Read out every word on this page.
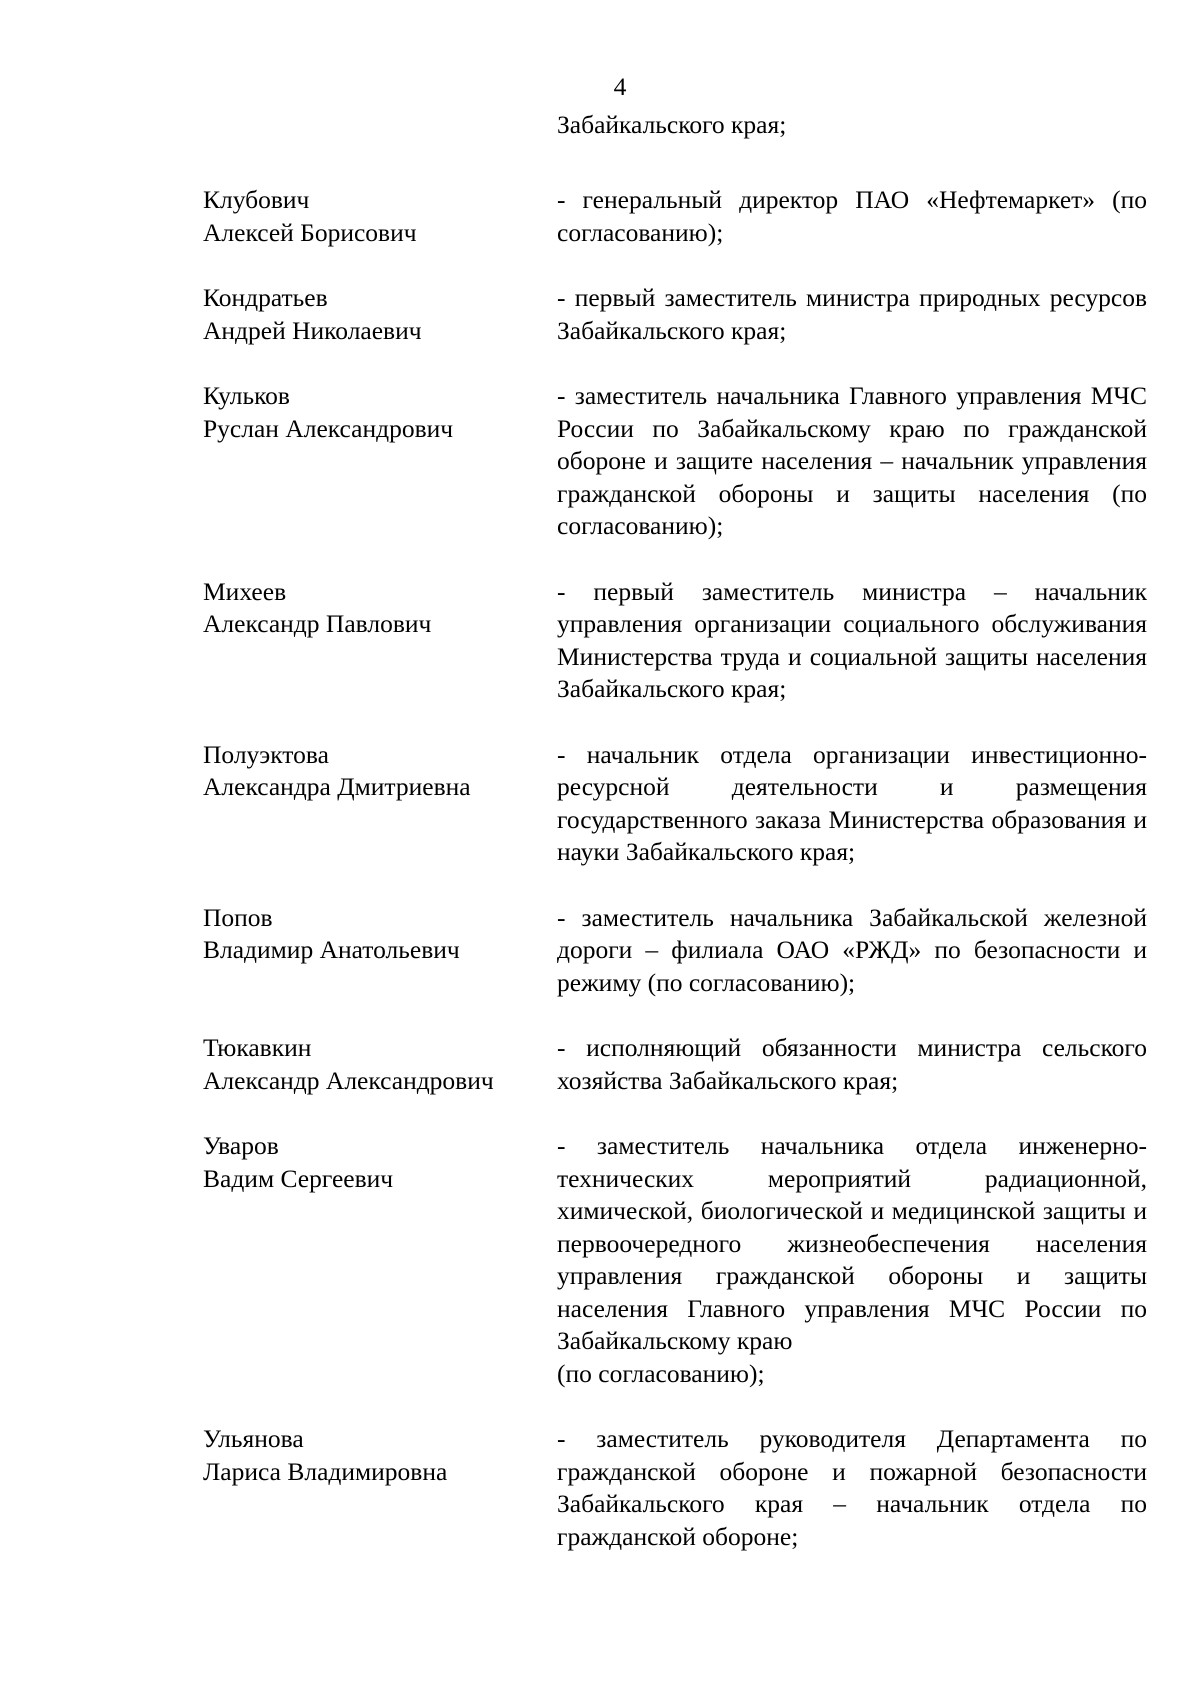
4
Забайкальского края;
Клубович
Алексей Борисович
- генеральный директор ПАО «Нефтемаркет» (по согласованию);
Кондратьев
Андрей Николаевич
- первый заместитель министра природных ресурсов Забайкальского края;
Кульков
Руслан Александрович
- заместитель начальника Главного управления МЧС России по Забайкальскому краю по гражданской обороне и защите населения – начальник управления гражданской обороны и защиты населения (по согласованию);
Михеев
Александр Павлович
- первый заместитель министра – начальник управления организации социального обслуживания Министерства труда и социальной защиты населения Забайкальского края;
Полуэктова
Александра Дмитриевна
- начальник отдела организации инвестиционно-ресурсной деятельности и размещения государственного заказа Министерства образования и науки Забайкальского края;
Попов
Владимир Анатольевич
- заместитель начальника Забайкальской железной дороги – филиала ОАО «РЖД» по безопасности и режиму (по согласованию);
Тюкавкин
Александр Александрович
- исполняющий обязанности министра сельского хозяйства Забайкальского края;
Уваров
Вадим Сергеевич
- заместитель начальника отдела инженерно-технических мероприятий радиационной, химической, биологической и медицинской защиты и первоочередного жизнеобеспечения населения управления гражданской обороны и защиты населения Главного управления МЧС России по Забайкальскому краю
(по согласованию);
Ульянова
Лариса Владимировна
- заместитель руководителя Департамента по гражданской обороне и пожарной безопасности Забайкальского края – начальник отдела по гражданской обороне;
